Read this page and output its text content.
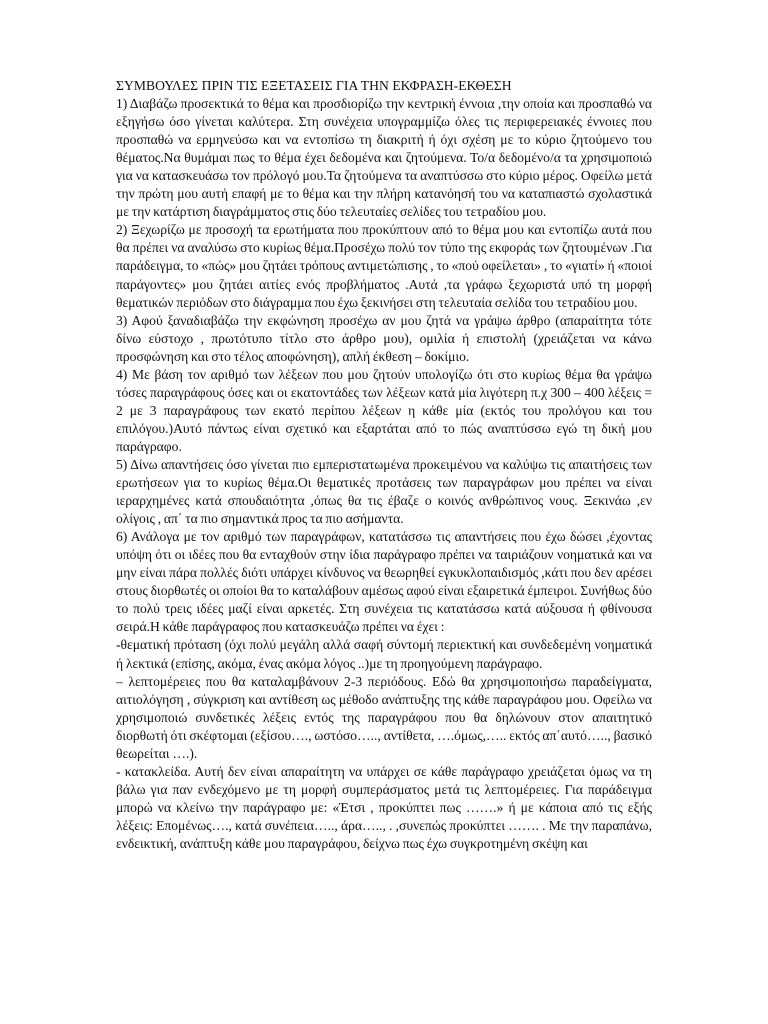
ΣΥΜΒΟΥΛΕΣ ΠΡΙΝ ΤΙΣ ΕΞΕΤΑΣΕΙΣ ΓΙΑ ΤΗΝ ΕΚΦΡΑΣΗ-ΕΚΘΕΣΗ
1) Διαβάζω προσεκτικά το θέμα και προσδιορίζω την κεντρική έννοια ,την οποία και προσπαθώ να εξηγήσω όσο γίνεται καλύτερα. Στη συνέχεια υπογραμμίζω όλες τις περιφερειακές έννοιες που προσπαθώ να ερμηνεύσω και να εντοπίσω τη διακριτή ή όχι σχέση με το κύριο ζητούμενο του θέματος.Να θυμάμαι πως το θέμα έχει δεδομένα και ζητούμενα. Το/α δεδομένο/α τα χρησιμοποιώ για να κατασκευάσω τον πρόλογό μου.Τα ζητούμενα τα αναπτύσσω στο κύριο μέρος. Οφείλω μετά την πρώτη μου αυτή επαφή με το θέμα και την πλήρη κατανόησή του να καταπιαστώ σχολαστικά με την κατάρτιση διαγράμματος στις δύο τελευταίες σελίδες του τετραδίου μου.
2) Ξεχωρίζω με προσοχή τα ερωτήματα που προκύπτουν από το θέμα μου και εντοπίζω αυτά που θα πρέπει να αναλύσω στο κυρίως θέμα.Προσέχω πολύ τον τύπο της εκφοράς των ζητουμένων .Για παράδειγμα, το «πώς» μου ζητάει τρόπους αντιμετώπισης , το «πού οφείλεται» , το «γιατί» ή «ποιοί παράγοντες» μου ζητάει αιτίες ενός προβλήματος .Αυτά ,τα γράφω ξεχωριστά υπό τη μορφή θεματικών περιόδων στο διάγραμμα που έχω ξεκινήσει στη τελευταία σελίδα του τετραδίου μου.
3) Αφού ξαναδιαβάζω την εκφώνηση προσέχω αν μου ζητά να γράψω άρθρο (απαραίτητα τότε δίνω εύστοχο , πρωτότυπο τίτλο στο άρθρο μου), ομιλία ή επιστολή (χρειάζεται να κάνω προσφώνηση και στο τέλος αποφώνηση), απλή έκθεση – δοκίμιο.
4) Με βάση τον αριθμό των λέξεων που μου ζητούν υπολογίζω ότι στο κυρίως θέμα θα γράψω τόσες παραγράφους όσες και οι εκατοντάδες των λέξεων κατά μία λιγότερη π.χ 300 – 400 λέξεις = 2 με 3 παραγράφους των εκατό περίπου λέξεων η κάθε μία (εκτός του προλόγου και του επιλόγου.)Αυτό πάντως είναι σχετικό και εξαρτάται από το πώς αναπτύσσω εγώ τη δική μου παράγραφο.
5) Δίνω απαντήσεις όσο γίνεται πιο εμπεριστατωμένα προκειμένου να καλύψω τις απαιτήσεις των ερωτήσεων για το κυρίως θέμα.Οι θεματικές προτάσεις των παραγράφων μου πρέπει να είναι ιεραρχημένες κατά σπουδαιότητα ,όπως θα τις έβαζε ο κοινός ανθρώπινος νους. Ξεκινάω ,εν ολίγοις , απ΄ τα πιο σημαντικά προς τα πιο ασήμαντα.
6) Ανάλογα με τον αριθμό των παραγράφων, κατατάσσω τις απαντήσεις που έχω δώσει ,έχοντας υπόψη ότι οι ιδέες που θα ενταχθούν στην ίδια παράγραφο πρέπει να ταιριάζουν νοηματικά και να μην είναι πάρα πολλές διότι υπάρχει κίνδυνος να θεωρηθεί εγκυκλοπαιδισμός ,κάτι που δεν αρέσει στους διορθωτές οι οποίοι θα το καταλάβουν αμέσως αφού είναι εξαιρετικά έμπειροι. Συνήθως δύο το πολύ τρεις ιδέες μαζί είναι αρκετές. Στη συνέχεια τις κατατάσσω κατά αύξουσα ή φθίνουσα σειρά.Η κάθε παράγραφος που κατασκευάζω πρέπει να έχει :
-θεματική πρόταση (όχι πολύ μεγάλη αλλά σαφή σύντομή περιεκτική και συνδεδεμένη νοηματικά ή λεκτικά (επίσης, ακόμα, ένας ακόμα λόγος ..)με τη προηγούμενη παράγραφο.
– λεπτομέρειες που θα καταλαμβάνουν 2-3 περιόδους. Εδώ θα χρησιμοποιήσω παραδείγματα, αιτιολόγηση , σύγκριση και αντίθεση ως μέθοδο ανάπτυξης της κάθε παραγράφου μου. Οφείλω να χρησιμοποιώ συνδετικές λέξεις εντός της παραγράφου που θα δηλώνουν στον απαιτητικό διορθωτή ότι σκέφτομαι (εξίσου…., ωστόσο….., αντίθετα, ….όμως,….. εκτός απ΄αυτό….., βασικό θεωρείται ….).
- κατακλείδα. Αυτή δεν είναι απαραίτητη να υπάρχει σε κάθε παράγραφο χρειάζεται όμως να τη βάλω για παν ενδεχόμενο με τη μορφή συμπεράσματος μετά τις λεπτομέρειες. Για παράδειγμα μπορώ να κλείνω την παράγραφο με: «Έτσι , προκύπτει πως …….» ή με κάποια από τις εξής λέξεις: Επομένως…., κατά συνέπεια….., άρα….., . ,συνεπώς προκύπτει ……. . Με την παραπάνω, ενδεικτική, ανάπτυξη κάθε μου παραγράφου, δείχνω πως έχω συγκροτημένη σκέψη και
